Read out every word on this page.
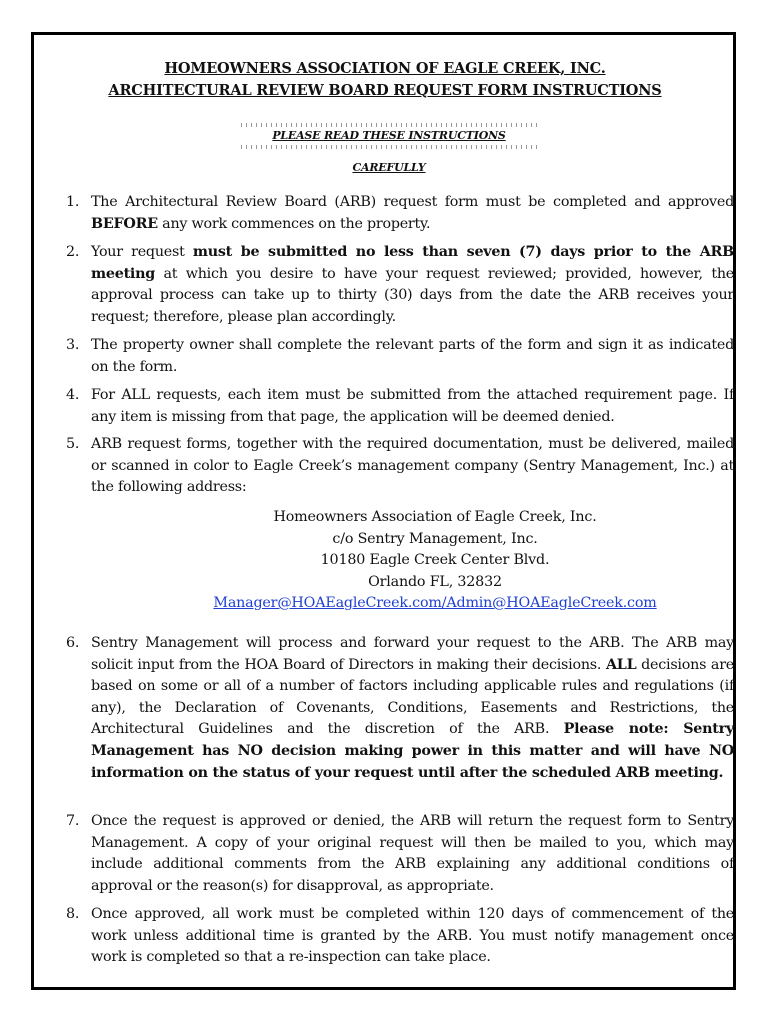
HOMEOWNERS ASSOCIATION OF EAGLE CREEK, INC.
ARCHITECTURAL REVIEW BOARD REQUEST FORM INSTRUCTIONS
PLEASE READ THESE INSTRUCTIONS CAREFULLY
1. The Architectural Review Board (ARB) request form must be completed and approved BEFORE any work commences on the property.
2. Your request must be submitted no less than seven (7) days prior to the ARB meeting at which you desire to have your request reviewed; provided, however, the approval process can take up to thirty (30) days from the date the ARB receives your request; therefore, please plan accordingly.
3. The property owner shall complete the relevant parts of the form and sign it as indicated on the form.
4. For ALL requests, each item must be submitted from the attached requirement page. If any item is missing from that page, the application will be deemed denied.
5. ARB request forms, together with the required documentation, must be delivered, mailed or scanned in color to Eagle Creek’s management company (Sentry Management, Inc.) at the following address:
Homeowners Association of Eagle Creek, Inc.
c/o Sentry Management, Inc.
10180 Eagle Creek Center Blvd.
Orlando FL, 32832
Manager@HOAEagleCreek.com/Admin@HOAEagleCreek.com
6. Sentry Management will process and forward your request to the ARB. The ARB may solicit input from the HOA Board of Directors in making their decisions. ALL decisions are based on some or all of a number of factors including applicable rules and regulations (if any), the Declaration of Covenants, Conditions, Easements and Restrictions, the Architectural Guidelines and the discretion of the ARB. Please note: Sentry Management has NO decision making power in this matter and will have NO information on the status of your request until after the scheduled ARB meeting.
7. Once the request is approved or denied, the ARB will return the request form to Sentry Management. A copy of your original request will then be mailed to you, which may include additional comments from the ARB explaining any additional conditions of approval or the reason(s) for disapproval, as appropriate.
8. Once approved, all work must be completed within 120 days of commencement of the work unless additional time is granted by the ARB. You must notify management once work is completed so that a re-inspection can take place.
